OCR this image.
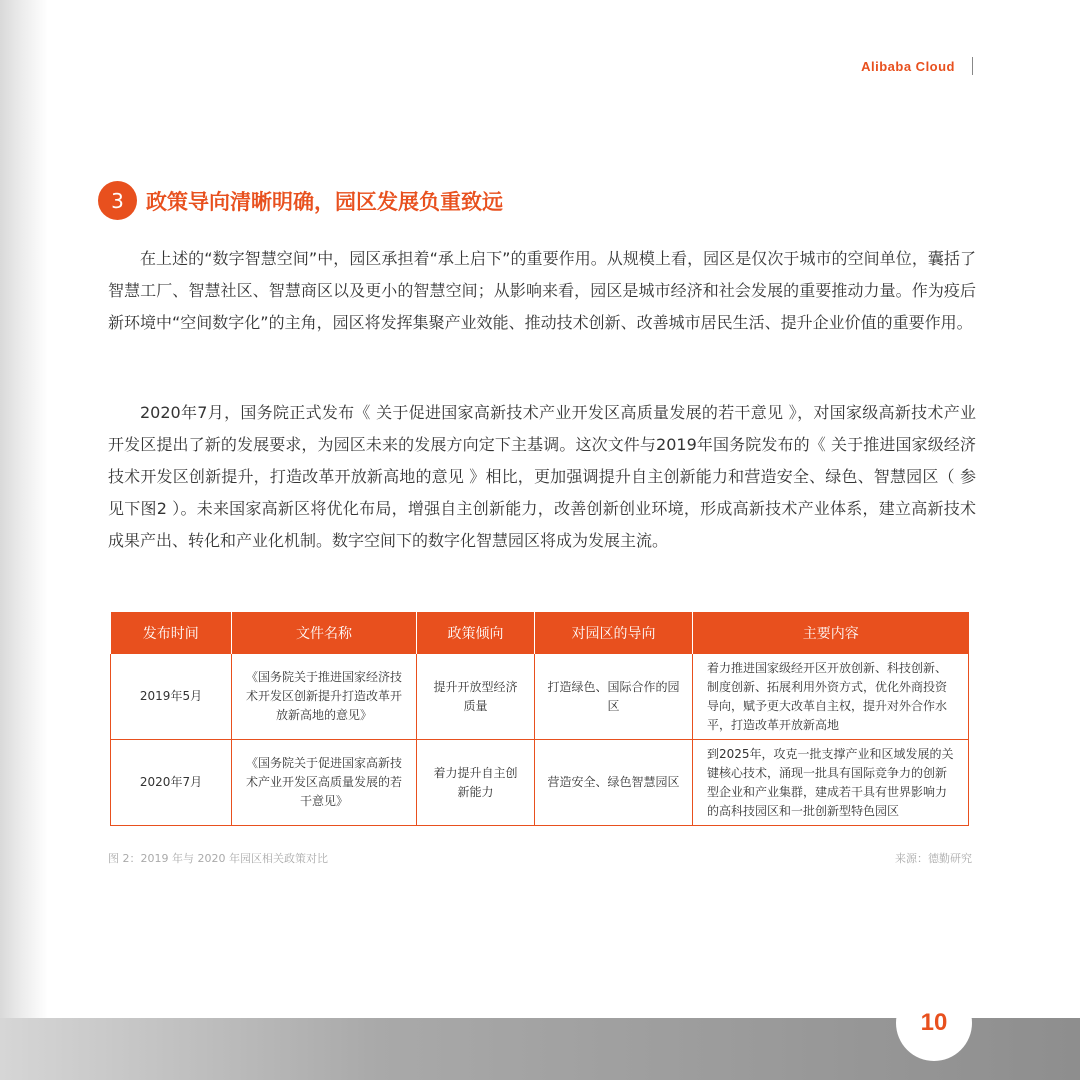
Alibaba Cloud
3	政策导向清晰明确，园区发展负重致远

在上述的“数字智慧空间”中，园区承担着“承上启下”的重要作用。从规模上看，园区是仅次于城市的空间单位，囊括了智慧工厂、智慧社区、智慧商区以及更小的智慧空间；从影响来看，园区是城市经济和社会发展的重要推动力量。作为疫后新环境中“空间数字化”的主角，园区将发挥集聚产业效能、推动技术创新、改善城市居民生活、提升企业价值的重要作用。

2020年7月，国务院正式发布《 关于促进国家高新技术产业开发区高质量发展的若干意见 》，对国家级高新技术产业开发区提出了新的发展要求，为园区未来的发展方向定下主基调。这次文件与2019年国务院发布的《 关于推进国家级经济技术开发区创新提升，打造改革开放新高地的意见 》相比，更加强调提升自主创新能力和营造安全、绿色、智慧园区（ 参见下图2 ）。未来国家高新区将优化布局，增强自主创新能力，改善创新创业环境，形成高新技术产业体系，建立高新技术成果产出、转化和产业化机制。数字空间下的数字化智慧园区将成为发展主流。

发布时间	文件名称	政策倾向	对园区的导向	主要内容
2019年5月	《国务院关于推进国家经济技术开发区创新提升打造改革开放新高地的意见》	提升开放型经济质量	打造绿色、国际合作的园区	着力推进国家级经开区开放创新、科技创新、制度创新、拓展利用外资方式，优化外商投资导向，赋予更大改革自主权，提升对外合作水平，打造改革开放新高地
2020年7月	《国务院关于促进国家高新技术产业开发区高质量发展的若干意见》	着力提升自主创新能力	营造安全、绿色智慧园区	到2025年，攻克一批支撑产业和区域发展的关键核心技术，涌现一批具有国际竞争力的创新型企业和产业集群，建成若干具有世界影响力的高科技园区和一批创新型特色园区
图 2：2019 年与 2020 年园区相关政策对比	来源：德勤研究
10
